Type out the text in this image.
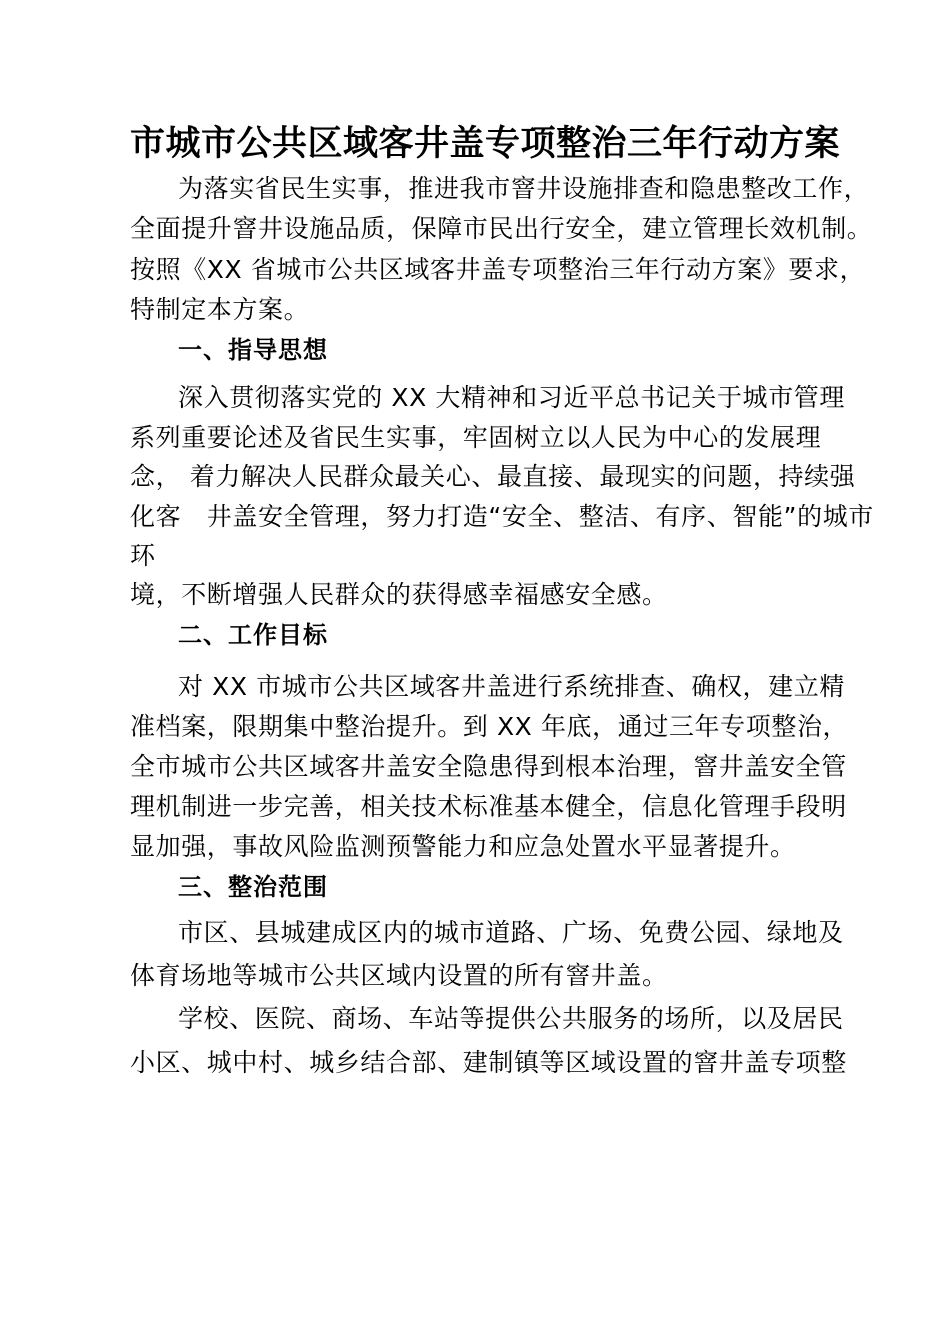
市城市公共区域客井盖专项整治三年行动方案
为落实省民生实事，推进我市窨井设施排查和隐患整改工作，
全面提升窨井设施品质，保障市民出行安全，建立管理长效机制。
按照《XX 省城市公共区域客井盖专项整治三年行动方案》要求，
特制定本方案。
一、指导思想
深入贯彻落实党的 XX 大精神和习近平总书记关于城市管理
系列重要论述及省民生实事，牢固树立以人民为中心的发展理
念， 着力解决人民群众最关心、最直接、最现实的问题，持续强
化客　井盖安全管理，努力打造“安全、整洁、有序、智能”的城市
环
境，不断增强人民群众的获得感幸福感安全感。
二、工作目标
对 XX 市城市公共区域客井盖进行系统排查、确权，建立精
准档案，限期集中整治提升。到 XX 年底，通过三年专项整治，
全市城市公共区域客井盖安全隐患得到根本治理，窨井盖安全管
理机制进一步完善，相关技术标准基本健全，信息化管理手段明
显加强，事故风险监测预警能力和应急处置水平显著提升。
三、整治范围
市区、县城建成区内的城市道路、广场、免费公园、绿地及
体育场地等城市公共区域内设置的所有窨井盖。
学校、医院、商场、车站等提供公共服务的场所，以及居民
小区、城中村、城乡结合部、建制镇等区域设置的窨井盖专项整
